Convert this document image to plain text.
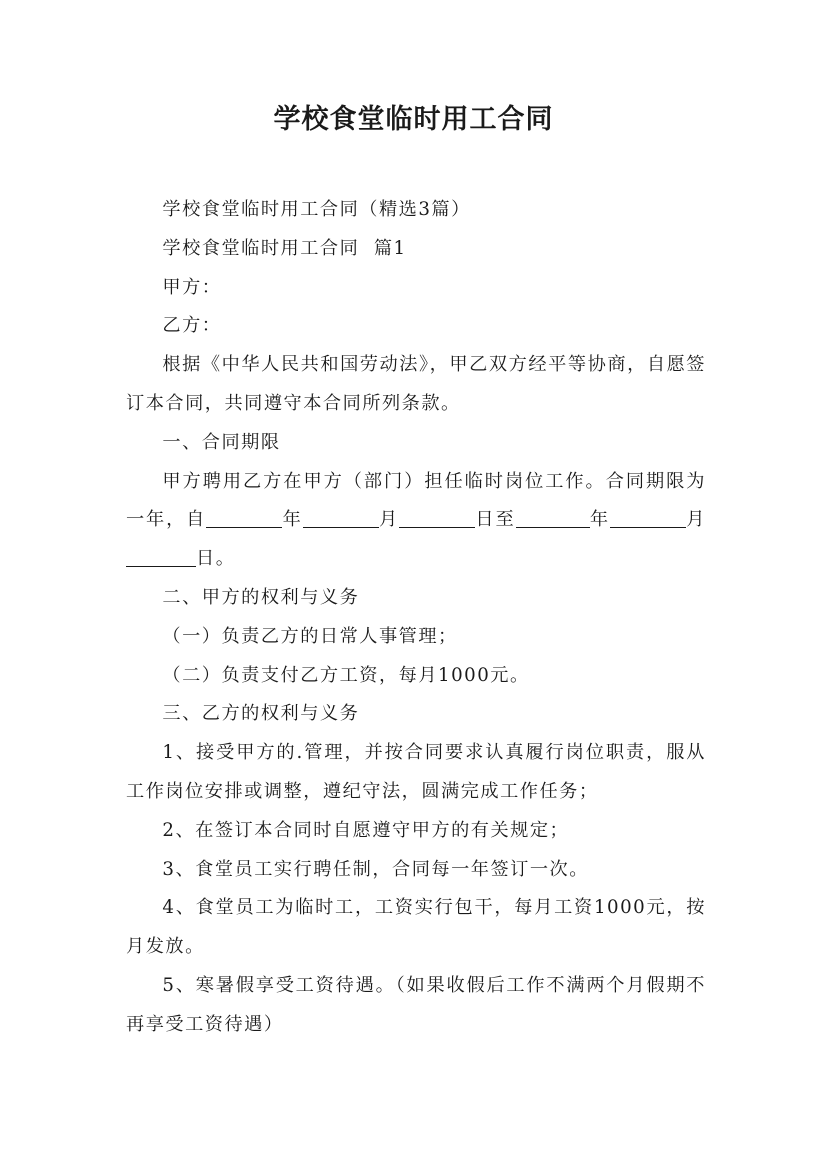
学校食堂临时用工合同

学校食堂临时用工合同（精选3篇）

学校食堂临时用工合同  篇1

甲方：

乙方：

根据《中华人民共和国劳动法》，甲乙双方经平等协商，自愿签订本合同，共同遵守本合同所列条款。

一、合同期限

甲方聘用乙方在甲方（部门）担任临时岗位工作。合同期限为一年，自	年	月	日至	年	月日。

二、甲方的权利与义务

（一）负责乙方的日常人事管理；

（二）负责支付乙方工资，每月1000元。

三、乙方的权利与义务

1、接受甲方的.管理，并按合同要求认真履行岗位职责，服从工作岗位安排或调整，遵纪守法，圆满完成工作任务；

2、在签订本合同时自愿遵守甲方的有关规定；

3、食堂员工实行聘任制，合同每一年签订一次。

4、食堂员工为临时工，工资实行包干，每月工资1000元，按月发放。

5、寒暑假享受工资待遇。（如果收假后工作不满两个月假期不再享受工资待遇）
